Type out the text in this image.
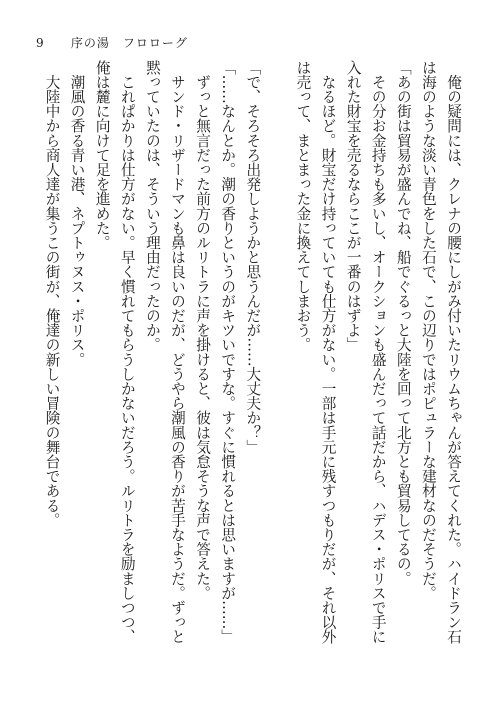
9 序の湯　フロローグ
　俺の疑問には、クレナの腰にしがみ付いたリウムちゃんが答えてくれた。ハイドラン石
は海のような淡い青色をした石で、この辺りではポピュラーな建材なのだそうだ。
「あの街は貿易が盛んでね、船でぐるっと大陸を回って北方とも貿易してるの。
　その分お金持ちも多いし、オークションも盛んだって話だから、ハデス・ポリスで手に
入れた財宝を売るならここが一番のはずよ」
　なるほど。財宝だけ持っていても仕方がない。一部は手元に残すつもりだが、それ以外
は売って、まとまった金に換えてしまおう。

「で、そろそろ出発しようかと思うんだが……大丈夫か？」
「……なんとか。潮の香りというのがキツいですな。すぐに慣れるとは思いますが……」
　ずっと無言だった前方のルリトラに声を掛けると、彼は気怠そうな声で答えた。
　サンド・リザードマンも鼻は良いのだが、どうやら潮風の香りが苦手なようだ。ずっと
黙っていたのは、そういう理由だったのか。
　これぱかりは仕方がない。早く慣れてもらうしかないだろう。ルリトラを励ましつつ、
俺は麓に向けて足を進めた。
　潮風の香る青い港、ネプトゥヌス・ポリス。
　大陸中から商人達が集うこの街が、俺達の新しい冒険の舞台である。
